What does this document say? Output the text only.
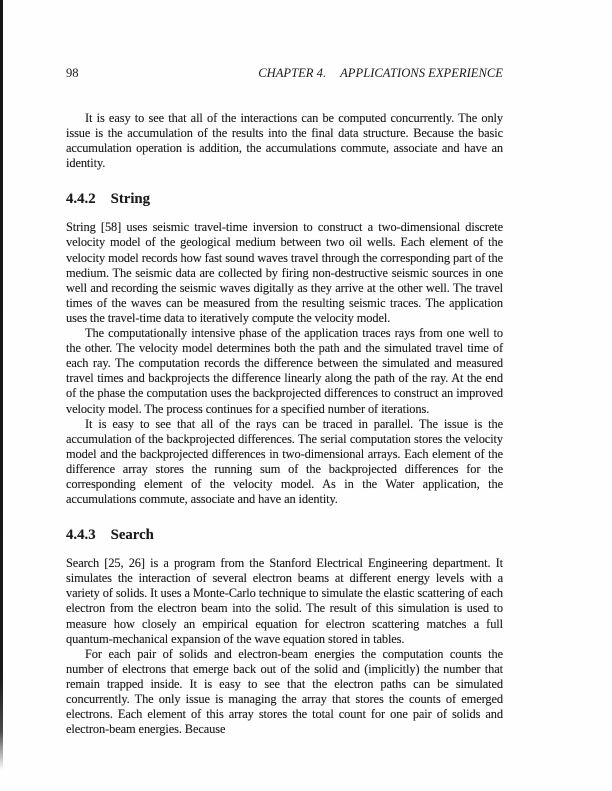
98	CHAPTER 4. APPLICATIONS EXPERIENCE

It is easy to see that all of the interactions can be computed concurrently. The only issue is the accumulation of the results into the final data structure. Because the basic accumulation operation is addition, the accumulations commute, associate and have an identity.

4.4.2 String

String [58] uses seismic travel-time inversion to construct a two-dimensional discrete velocity model of the geological medium between two oil wells. Each element of the velocity model records how fast sound waves travel through the corresponding part of the medium. The seismic data are collected by firing non-destructive seismic sources in one well and recording the seismic waves digitally as they arrive at the other well. The travel times of the waves can be measured from the resulting seismic traces. The application uses the travel-time data to iteratively compute the velocity model.

The computationally intensive phase of the application traces rays from one well to the other. The velocity model determines both the path and the simulated travel time of each ray. The computation records the difference between the simulated and measured travel times and backprojects the difference linearly along the path of the ray. At the end of the phase the computation uses the backprojected differences to construct an improved velocity model. The process continues for a specified number of iterations.

It is easy to see that all of the rays can be traced in parallel. The issue is the accumulation of the backprojected differences. The serial computation stores the velocity model and the backprojected differences in two-dimensional arrays. Each element of the difference array stores the running sum of the backprojected differences for the corresponding element of the velocity model. As in the Water application, the accumulations commute, associate and have an identity.

4.4.3 Search

Search [25, 26] is a program from the Stanford Electrical Engineering department. It simulates the interaction of several electron beams at different energy levels with a variety of solids. It uses a Monte-Carlo technique to simulate the elastic scattering of each electron from the electron beam into the solid. The result of this simulation is used to measure how closely an empirical equation for electron scattering matches a full quantum-mechanical expansion of the wave equation stored in tables.

For each pair of solids and electron-beam energies the computation counts the number of electrons that emerge back out of the solid and (implicitly) the number that remain trapped inside. It is easy to see that the electron paths can be simulated concurrently. The only issue is managing the array that stores the counts of emerged electrons. Each element of this array stores the total count for one pair of solids and electron-beam energies. Because
